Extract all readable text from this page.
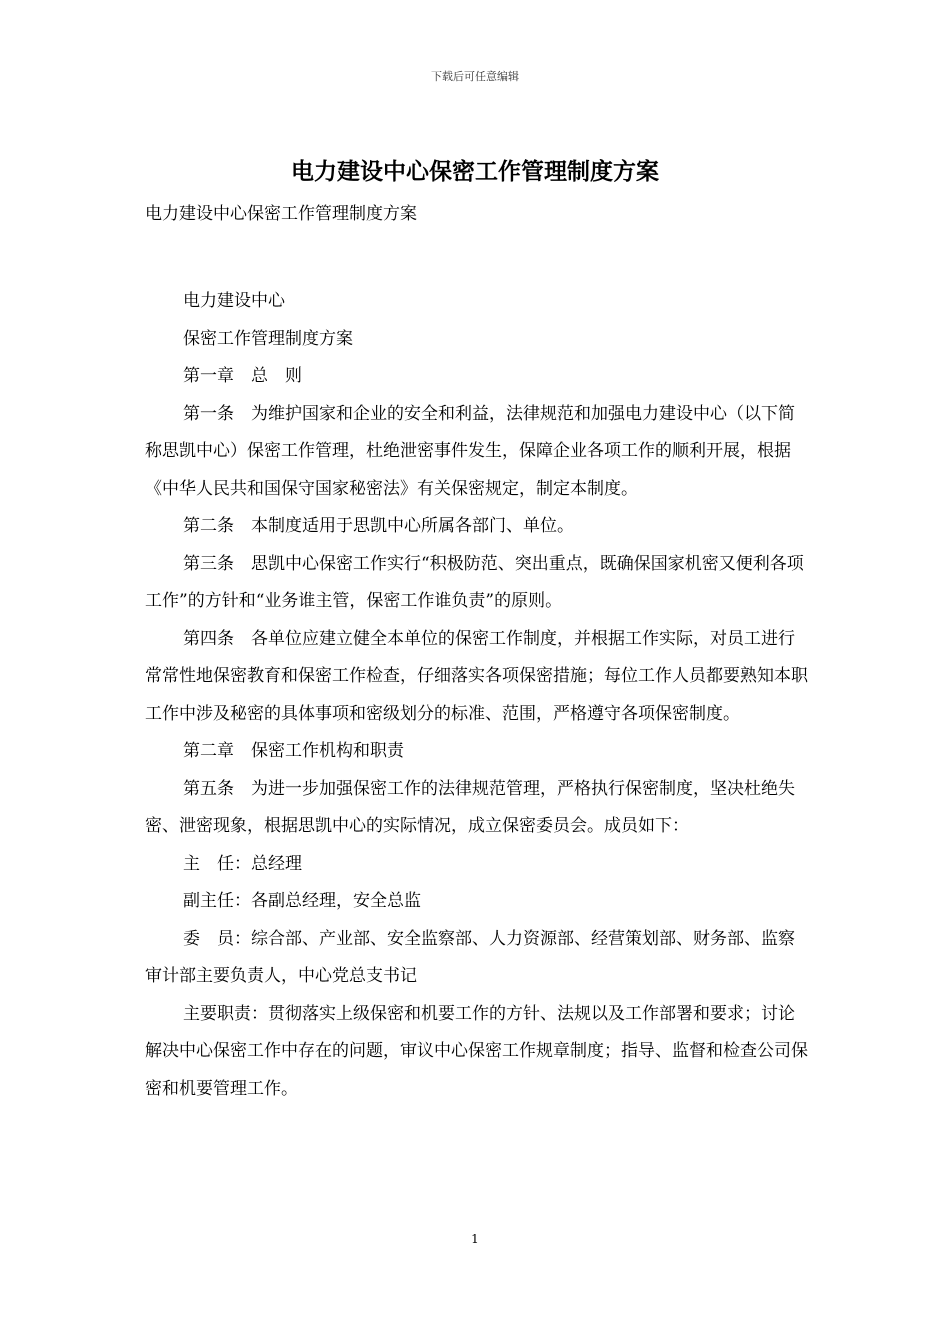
下载后可任意编辑
电力建设中心保密工作管理制度方案

电力建设中心保密工作管理制度方案

电力建设中心

保密工作管理制度方案

第一章　总　则

第一条　为维护国家和企业的安全和利益，法律规范和加强电力建设中心（以下简称思凯中心）保密工作管理，杜绝泄密事件发生，保障企业各项工作的顺利开展，根据《中华人民共和国保守国家秘密法》有关保密规定，制定本制度。

第二条　本制度适用于思凯中心所属各部门、单位。

第三条　思凯中心保密工作实行“积极防范、突出重点，既确保国家机密又便利各项工作”的方针和“业务谁主管，保密工作谁负责”的原则。

第四条　各单位应建立健全本单位的保密工作制度，并根据工作实际，对员工进行常常性地保密教育和保密工作检查，仔细落实各项保密措施；每位工作人员都要熟知本职工作中涉及秘密的具体事项和密级划分的标准、范围，严格遵守各项保密制度。

第二章　保密工作机构和职责

第五条　为进一步加强保密工作的法律规范管理，严格执行保密制度，坚决杜绝失密、泄密现象，根据思凯中心的实际情况，成立保密委员会。成员如下：

主　任：总经理

副主任：各副总经理，安全总监

委　员：综合部、产业部、安全监察部、人力资源部、经营策划部、财务部、监察审计部主要负责人，中心党总支书记

主要职责：贯彻落实上级保密和机要工作的方针、法规以及工作部署和要求；讨论解决中心保密工作中存在的问题，审议中心保密工作规章制度；指导、监督和检查公司保密和机要管理工作。

1
